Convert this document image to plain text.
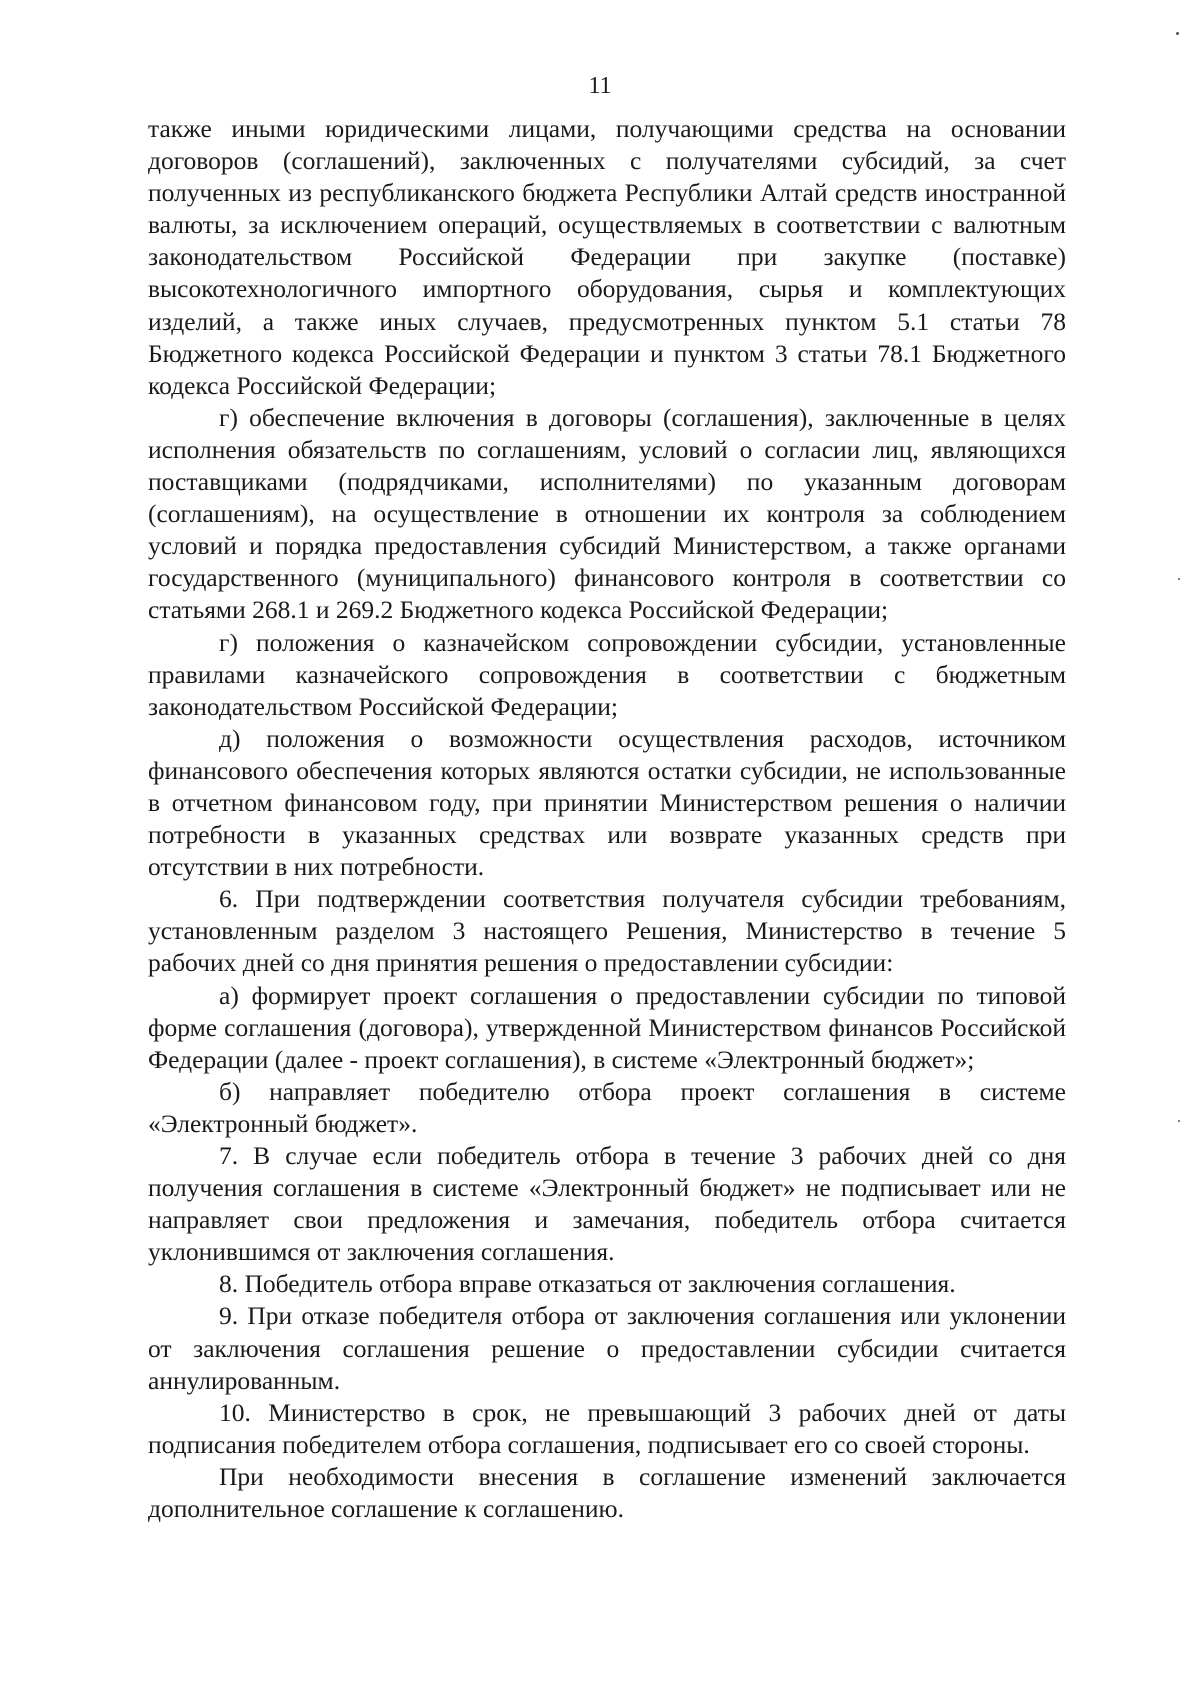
11

также иными юридическими лицами, получающими средства на основании договоров (соглашений), заключенных с получателями субсидий, за счет полученных из республиканского бюджета Республики Алтай средств иностранной валюты, за исключением операций, осуществляемых в соответствии с валютным законодательством Российской Федерации при закупке (поставке) высокотехнологичного импортного оборудования, сырья и комплектующих изделий, а также иных случаев, предусмотренных пунктом 5.1 статьи 78 Бюджетного кодекса Российской Федерации и пунктом 3 статьи 78.1 Бюджетного кодекса Российской Федерации;

г) обеспечение включения в договоры (соглашения), заключенные в целях исполнения обязательств по соглашениям, условий о согласии лиц, являющихся поставщиками (подрядчиками, исполнителями) по указанным договорам (соглашениям), на осуществление в отношении их контроля за соблюдением условий и порядка предоставления субсидий Министерством, а также органами государственного (муниципального) финансового контроля в соответствии со статьями 268.1 и 269.2 Бюджетного кодекса Российской Федерации;

г) положения о казначейском сопровождении субсидии, установленные правилами казначейского сопровождения в соответствии с бюджетным законодательством Российской Федерации;

д) положения о возможности осуществления расходов, источником финансового обеспечения которых являются остатки субсидии, не использованные в отчетном финансовом году, при принятии Министерством решения о наличии потребности в указанных средствах или возврате указанных средств при отсутствии в них потребности.

6. При подтверждении соответствия получателя субсидии требованиям, установленным разделом 3 настоящего Решения, Министерство в течение 5 рабочих дней со дня принятия решения о предоставлении субсидии:

а) формирует проект соглашения о предоставлении субсидии по типовой форме соглашения (договора), утвержденной Министерством финансов Российской Федерации (далее - проект соглашения), в системе «Электронный бюджет»;

б) направляет победителю отбора проект соглашения в системе «Электронный бюджет».

7. В случае если победитель отбора в течение 3 рабочих дней со дня получения соглашения в системе «Электронный бюджет» не подписывает или не направляет свои предложения и замечания, победитель отбора считается уклонившимся от заключения соглашения.

8. Победитель отбора вправе отказаться от заключения соглашения.

9. При отказе победителя отбора от заключения соглашения или уклонении от заключения соглашения решение о предоставлении субсидии считается аннулированным.

10. Министерство в срок, не превышающий 3 рабочих дней от даты подписания победителем отбора соглашения, подписывает его со своей стороны.

При необходимости внесения в соглашение изменений заключается дополнительное соглашение к соглашению.
